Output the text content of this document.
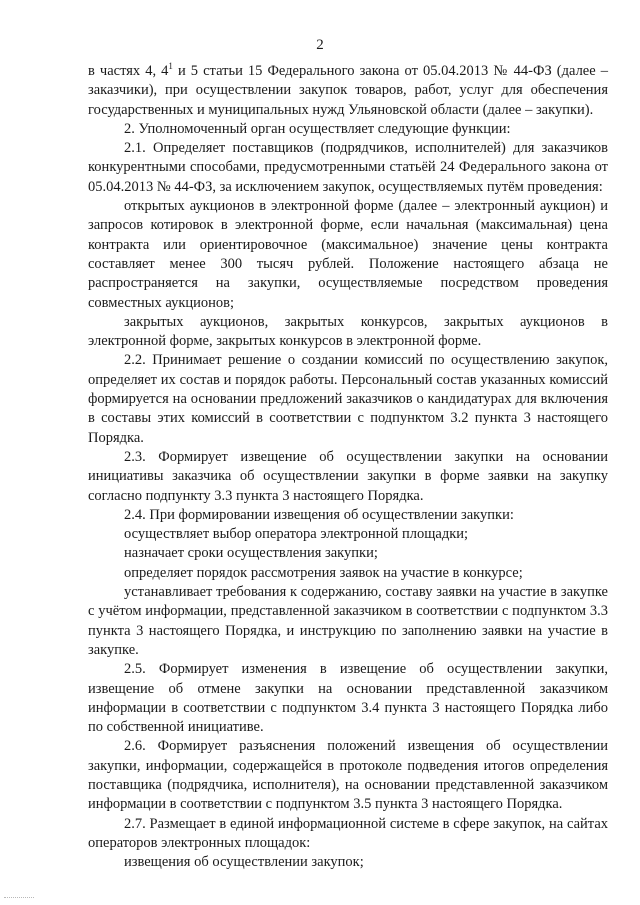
2

в частях 4, $4^1$ и 5 статьи 15 Федерального закона от 05.04.2013 № 44-ФЗ (далее – заказчики), при осуществлении закупок товаров, работ, услуг для обеспечения государственных и муниципальных нужд Ульяновской области (далее – закупки).

2. Уполномоченный орган осуществляет следующие функции:

2.1. Определяет поставщиков (подрядчиков, исполнителей) для заказчиков конкурентными способами, предусмотренными статьёй 24 Федерального закона от 05.04.2013 № 44-ФЗ, за исключением закупок, осуществляемых путём проведения:

открытых аукционов в электронной форме (далее – электронный аукцион) и запросов котировок в электронной форме, если начальная (максимальная) цена контракта или ориентировочное (максимальное) значение цены контракта составляет менее 300 тысяч рублей. Положение настоящего абзаца не распространяется на закупки, осуществляемые посредством проведения совместных аукционов;

закрытых аукционов, закрытых конкурсов, закрытых аукционов в электронной форме, закрытых конкурсов в электронной форме.

2.2. Принимает решение о создании комиссий по осуществлению закупок, определяет их состав и порядок работы. Персональный состав указанных комиссий формируется на основании предложений заказчиков о кандидатурах для включения в составы этих комиссий в соответствии с подпунктом 3.2 пункта 3 настоящего Порядка.

2.3. Формирует извещение об осуществлении закупки на основании инициативы заказчика об осуществлении закупки в форме заявки на закупку согласно подпункту 3.3 пункта 3 настоящего Порядка.

2.4. При формировании извещения об осуществлении закупки:

осуществляет выбор оператора электронной площадки;

назначает сроки осуществления закупки;

определяет порядок рассмотрения заявок на участие в конкурсе;

устанавливает требования к содержанию, составу заявки на участие в закупке с учётом информации, представленной заказчиком в соответствии с подпунктом 3.3 пункта 3 настоящего Порядка, и инструкцию по заполнению заявки на участие в закупке.

2.5. Формирует изменения в извещение об осуществлении закупки, извещение об отмене закупки на основании представленной заказчиком информации в соответствии с подпунктом 3.4 пункта 3 настоящего Порядка либо по собственной инициативе.

2.6. Формирует разъяснения положений извещения об осуществлении закупки, информации, содержащейся в протоколе подведения итогов определения поставщика (подрядчика, исполнителя), на основании представленной заказчиком информации в соответствии с подпунктом 3.5 пункта 3 настоящего Порядка.

2.7. Размещает в единой информационной системе в сфере закупок, на сайтах операторов электронных площадок:

извещения об осуществлении закупок;
